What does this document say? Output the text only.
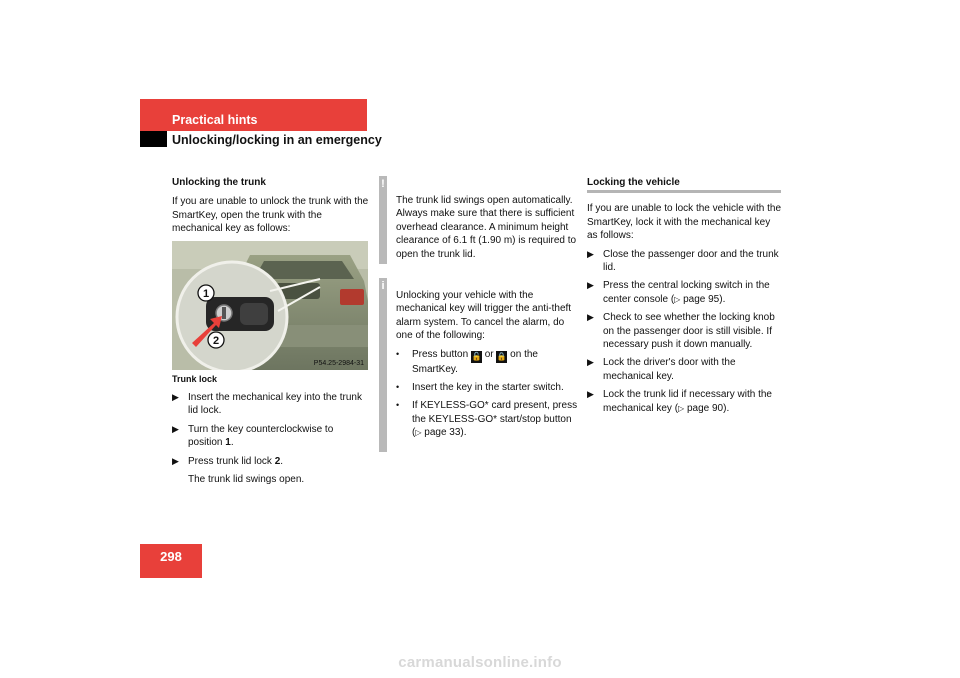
Practical hints
Unlocking/locking in an emergency

Unlocking the trunk

If you are unable to unlock the trunk with the SmartKey, open the trunk with the mechanical key as follows:

1
2
P54.25-2984-31

Trunk lock

▶ Insert the mechanical key into the trunk lid lock.
▶ Turn the key counterclockwise to position 1.
▶ Press trunk lid lock 2.

The trunk lid swings open.

!
i

The trunk lid swings open automatically. Always make sure that there is sufficient overhead clearance. A minimum height clearance of 6.1 ft (1.90 m) is required to open the trunk lid.

Unlocking your vehicle with the mechanical key will trigger the anti-theft alarm system. To cancel the alarm, do one of the following:

•	Press button 🔓 or 🔒 on the SmartKey.
•	Insert the key in the starter switch.
•	If KEYLESS-GO* card present, press the KEYLESS-GO* start/stop button (▷ page 33).

Locking the vehicle

If you are unable to lock the vehicle with the SmartKey, lock it with the mechanical key as follows:

▶ Close the passenger door and the trunk lid.
▶ Press the central locking switch in the center console (▷ page 95).
▶ Check to see whether the locking knob on the passenger door is still visible. If necessary push it down manually.
▶ Lock the driver's door with the mechanical key.
▶ Lock the trunk lid if necessary with the mechanical key (▷ page 90).
298
carmanualsonline.info
